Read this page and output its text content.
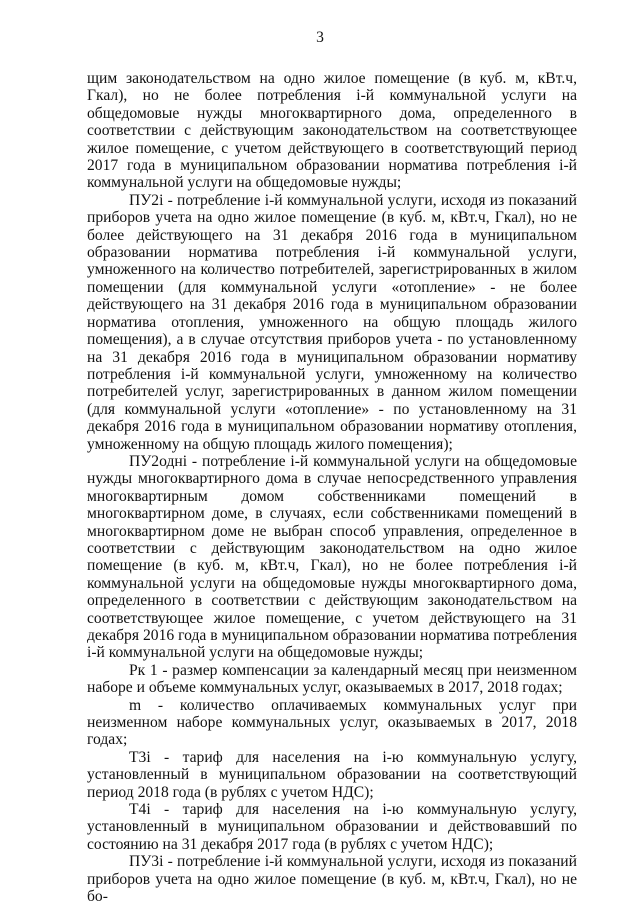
3

щим законодательством на одно жилое помещение (в куб. м, кВт.ч, Гкал), но не более потребления i-й коммунальной услуги на общедомовые нужды многоквартирного дома, определенного в соответствии с действующим законодательством на соответствующее жилое помещение, с учетом действующего в соответствующий период 2017 года в муниципальном образовании норматива потребления i-й коммунальной услуги на общедомовые нужды;

ПУ2i - потребление i-й коммунальной услуги, исходя из показаний приборов учета на одно жилое помещение (в куб. м, кВт.ч, Гкал), но не более действующего на 31 декабря 2016 года в муниципальном образовании норматива потребления i-й коммунальной услуги, умноженного на количество потребителей, зарегистрированных в жилом помещении (для коммунальной услуги «отопление» - не более действующего на 31 декабря 2016 года в муниципальном образовании норматива отопления, умноженного на общую площадь жилого помещения), а в случае отсутствия приборов учета - по установленному на 31 декабря 2016 года в муниципальном образовании нормативу потребления i-й коммунальной услуги, умноженному на количество потребителей услуг, зарегистрированных в данном жилом помещении (для коммунальной услуги «отопление» - по установленному на 31 декабря 2016 года в муниципальном образовании нормативу отопления, умноженному на общую площадь жилого помещения);

ПУ2одні - потребление i-й коммунальной услуги на общедомовые нужды многоквартирного дома в случае непосредственного управления многоквартирным домом собственниками помещений в многоквартирном доме, в случаях, если собственниками помещений в многоквартирном доме не выбран способ управления, определенное в соответствии с действующим законодательством на одно жилое помещение (в куб. м, кВт.ч, Гкал), но не более потребления i-й коммунальной услуги на общедомовые нужды многоквартирного дома, определенного в соответствии с действующим законодательством на соответствующее жилое помещение, с учетом действующего на 31 декабря 2016 года в муниципальном образовании норматива потребления i-й коммунальной услуги на общедомовые нужды;

Рк 1 - размер компенсации за календарный месяц при неизменном наборе и объеме коммунальных услуг, оказываемых в 2017, 2018 годах;

m - количество оплачиваемых коммунальных услуг при неизменном наборе коммунальных услуг, оказываемых в 2017, 2018 годах;

Т3i - тариф для населения на i-ю коммунальную услугу, установленный в муниципальном образовании на соответствующий период 2018 года (в рублях с учетом НДС);

Т4i - тариф для населения на i-ю коммунальную услугу, установленный в муниципальном образовании и действовавший по состоянию на 31 декабря 2017 года (в рублях с учетом НДС);

ПУ3i - потребление i-й коммунальной услуги, исходя из показаний приборов учета на одно жилое помещение (в куб. м, кВт.ч, Гкал), но не бо-
